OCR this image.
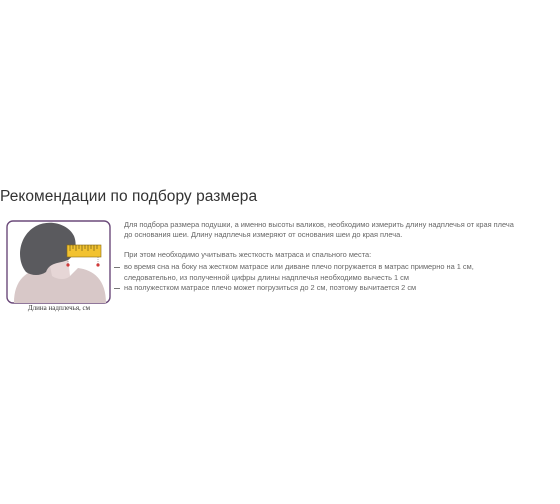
Рекомендации по подбору размера
Длина надплечья, см

Для подбора размера подушки, а именно высоты валиков, необходимо измерить длину надплечья от края плеча
до основания шеи. Длину надплечья измеряют от основания шеи до края плеча.

При этом необходимо учитывать жесткость матраса и спального места:

во время сна на боку на жестком матрасе или диване плечо погружается в матрас примерно на 1 см,
следовательно, из полученной цифры длины надплечья необходимо вычесть 1 см
на полужестком матрасе плечо может погрузиться до 2 см, поэтому вычитается 2 см
